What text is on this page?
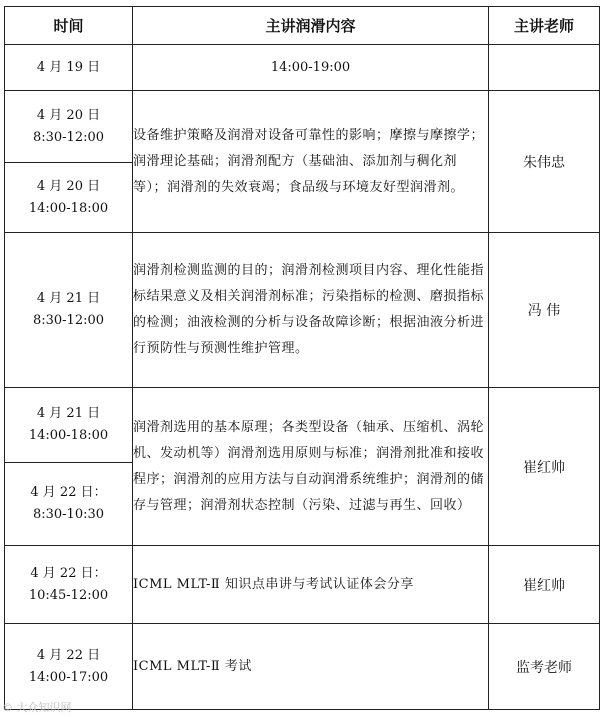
时间	主讲润滑内容	主讲老师

4 月 19 日	14:00-19:00	

4 月 20 日
8:30-12:00	设备维护策略及润滑对设备可靠性的影响；摩擦与摩擦学；润滑理论基础；润滑剂配方（基础油、添加剂与稠化剂等）；润滑剂的失效衰竭；食品级与环境友好型润滑剂。	朱伟忠

4 月 20 日
14:00-18:00		

4 月 21 日
8:30-12:00	润滑剂检测监测的目的；润滑剂检测项目内容、理化性能指标结果意义及相关润滑剂标准；污染指标的检测、磨损指标的检测；油液检测的分析与设备故障诊断；根据油液分析进行预防性与预测性维护管理。	冯 伟

4 月 21 日
14:00-18:00	润滑剂选用的基本原理；各类型设备（轴承、压缩机、涡轮机、发动机等）润滑剂选用原则与标准；润滑剂批准和接收程序；润滑剂的应用方法与自动润滑系统维护；润滑剂的储存与管理；润滑剂状态控制（污染、过滤与再生、回收）	崔红帅

4 月 22 日：
8:30-10:30		

4 月 22 日：
10:45-12:00	ICML MLT-Ⅱ 知识点串讲与考试认证体会分享	崔红帅

4 月 22 日
14:00-17:00	ICML MLT-Ⅱ 考试	监考老师
© 大众知识网
